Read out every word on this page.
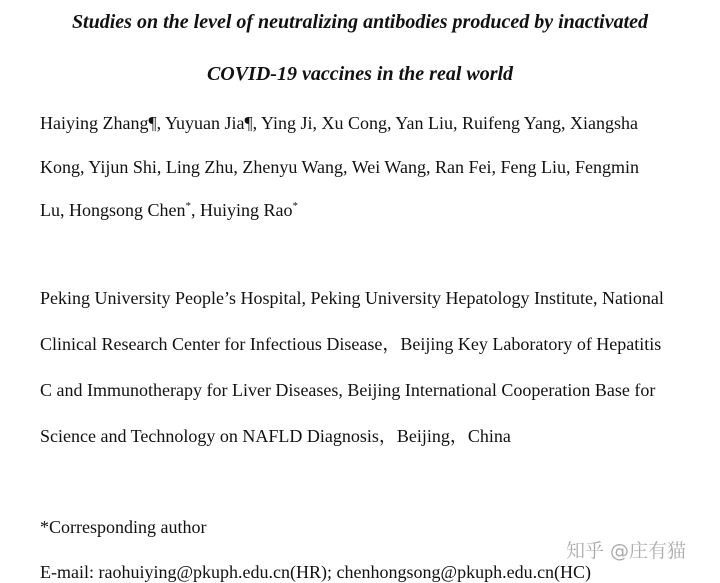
Studies on the level of neutralizing antibodies produced by inactivated
COVID-19 vaccines in the real world
Haiying Zhang¶, Yuyuan Jia¶, Ying Ji, Xu Cong, Yan Liu, Ruifeng Yang, Xiangsha
Kong, Yijun Shi, Ling Zhu, Zhenyu Wang, Wei Wang, Ran Fei, Feng Liu, Fengmin
Lu, Hongsong Chen*, Huiying Rao*
Peking University People’s Hospital, Peking University Hepatology Institute, National
Clinical Research Center for Infectious Disease，Beijing Key Laboratory of Hepatitis
C and Immunotherapy for Liver Diseases, Beijing International Cooperation Base for
Science and Technology on NAFLD Diagnosis，Beijing，China
*Corresponding author
E-mail: raohuiying@pkuph.edu.cn(HR); chenhongsong@pkuph.edu.cn(HC)
知乎 @庄有猫
